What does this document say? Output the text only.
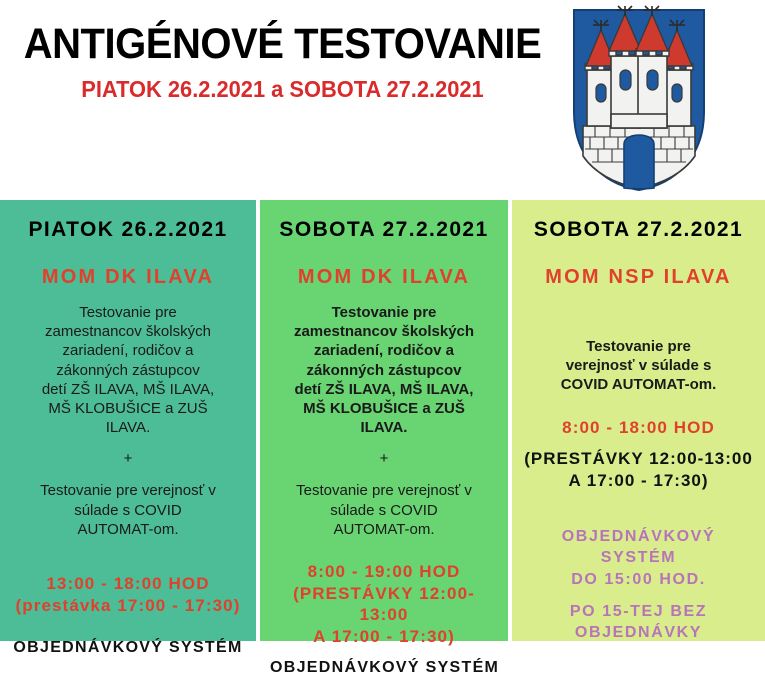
ANTIGÉNOVÉ TESTOVANIE
PIATOK 26.2.2021 a SOBOTA 27.2.2021
PIATOK 26.2.2021
MOM DK ILAVA
Testovanie pre
zamestnancov školských
zariadení, rodičov a
zákonných zástupcov
detí ZŠ ILAVA, MŠ ILAVA,
MŠ KLOBUŠICE a ZUŠ
ILAVA.
+
Testovanie pre verejnosť v
súlade s COVID
AUTOMAT-om.
13:00 - 18:00 HOD
(prestávka 17:00 - 17:30)
OBJEDNÁVKOVÝ SYSTÉM
SOBOTA 27.2.2021
MOM DK ILAVA
Testovanie pre
zamestnancov školských
zariadení, rodičov a
zákonných zástupcov
detí ZŠ ILAVA, MŠ ILAVA,
MŠ KLOBUŠICE a ZUŠ
ILAVA.
+
Testovanie pre verejnosť v
súlade s COVID
AUTOMAT-om.
8:00 - 19:00 HOD
(PRESTÁVKY 12:00-13:00
A 17:00 - 17:30)
OBJEDNÁVKOVÝ SYSTÉM
SOBOTA 27.2.2021
MOM NSP ILAVA
Testovanie pre
verejnosť v súlade s
COVID AUTOMAT-om.
8:00 - 18:00 HOD
(PRESTÁVKY 12:00-13:00
A 17:00 - 17:30)
OBJEDNÁVKOVÝ SYSTÉM
DO 15:00 HOD.
PO 15-TEJ BEZ
OBJEDNÁVKY
